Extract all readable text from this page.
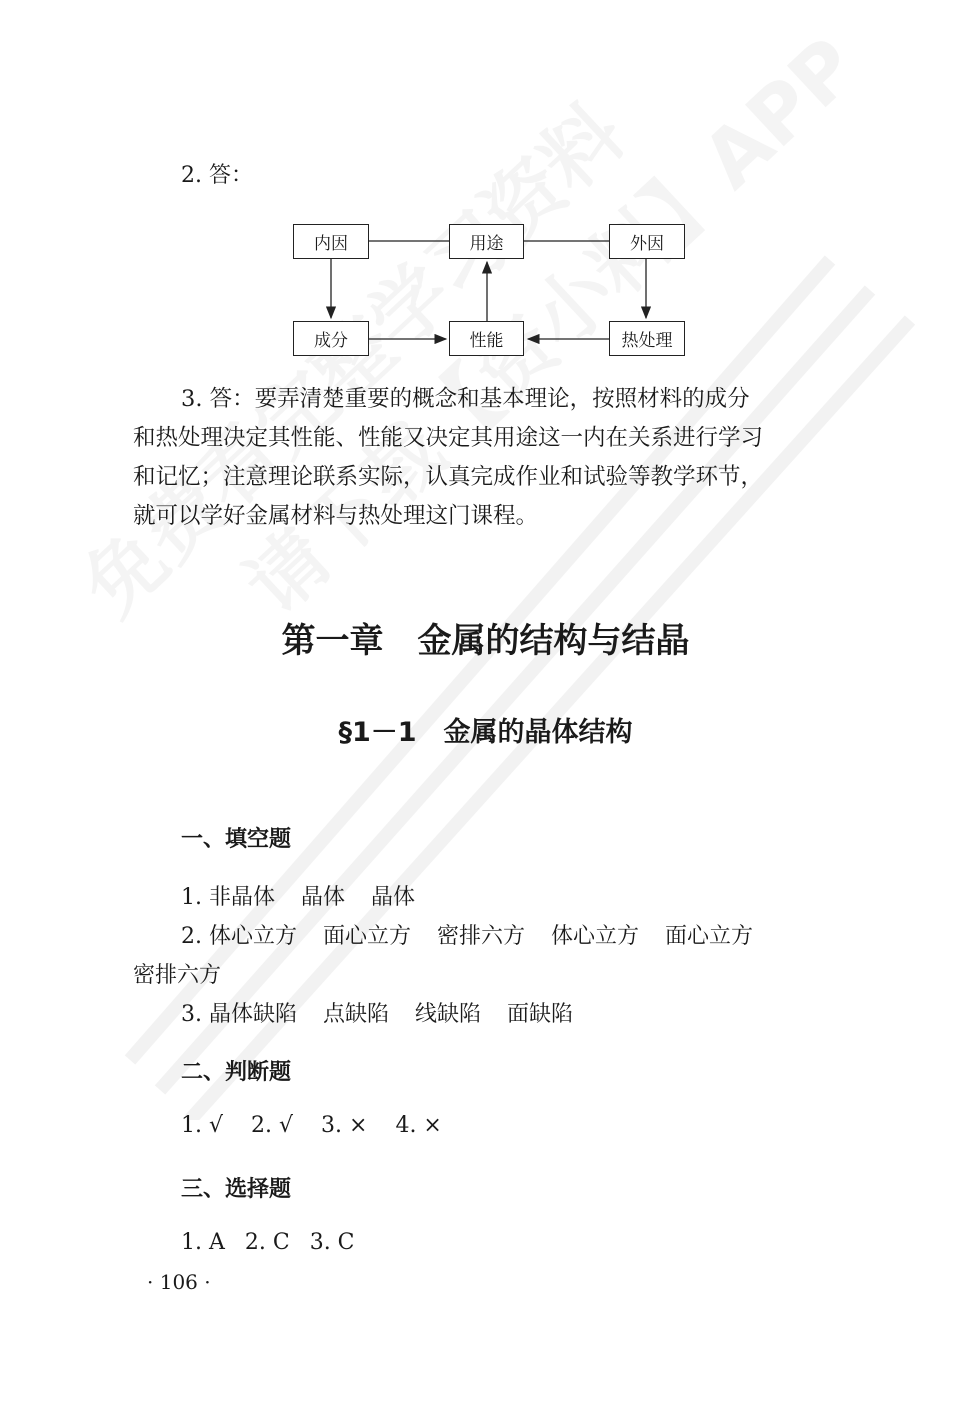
2. 答：
内因	用途	外因
成分	性能	热处理
3. 答：要弄清楚重要的概念和基本理论，按照材料的成分
和热处理决定其性能、性能又决定其用途这一内在关系进行学习
和记忆；注意理论联系实际，认真完成作业和试验等教学环节，
就可以学好金属材料与热处理这门课程。
第一章　金属的结构与结晶
§1－1　金属的晶体结构
一、填空题
1. 非晶体 晶体 晶体
2. 体心立方 面心立方 密排六方 体心立方 面心立方
密排六方
3. 晶体缺陷 点缺陷 线缺陷 面缺陷
二、判断题
1. √ 2. √ 3. × 4. ×
三、选择题
1. A 2. C 3. C
· 106 ·
